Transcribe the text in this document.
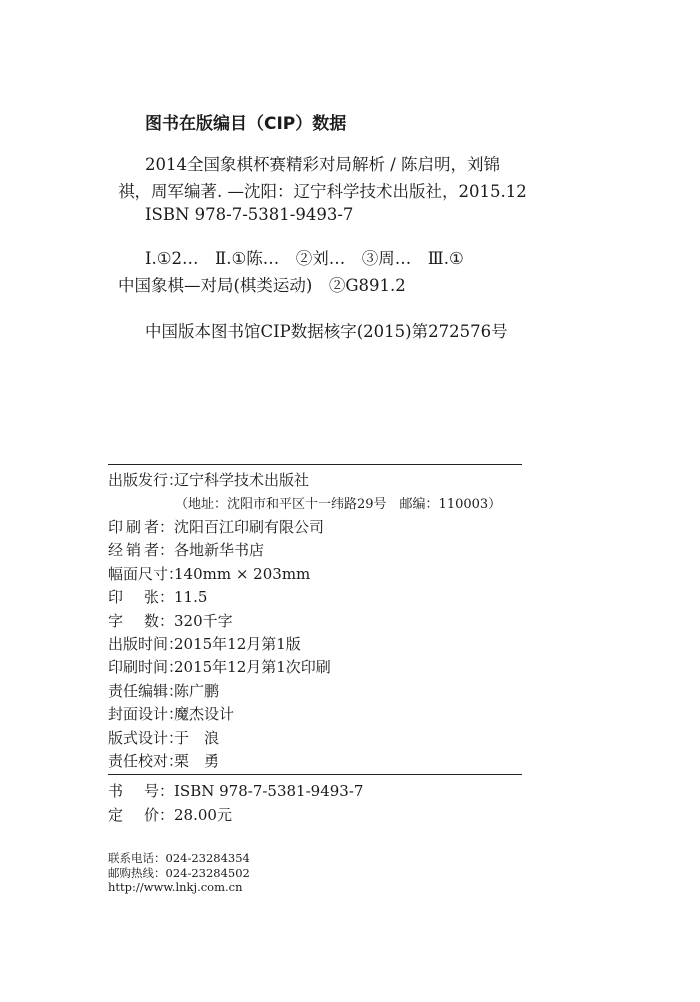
图书在版编目（CIP）数据
2014全国象棋杯赛精彩对局解析 / 陈启明，刘锦
祺，周军编著. —沈阳：辽宁科学技术出版社，2015.12
ISBN 978-7-5381-9493-7
Ⅰ.①2…　Ⅱ.①陈…　②刘…　③周…　Ⅲ.①
中国象棋—对局(棋类运动)　②G891.2
中国版本图书馆CIP数据核字(2015)第272576号
出版发行：
辽宁科学技术出版社
（地址：沈阳市和平区十一纬路29号　邮编：110003）
印 刷 者： 沈阳百江印刷有限公司
经 销 者： 各地新华书店
幅面尺寸：
140mm × 203mm
印 张： 11.5
字 数： 320千字
出版时间：
2015年12月第1版
印刷时间：
2015年12月第1次印刷
责任编辑：
陈广鹏
封面设计：
魔杰设计
版式设计：
于　浪
责任校对：
栗　勇
书 号： ISBN 978-7-5381-9493-7
定 价： 28.00元
联系电话：024-23284354
邮购热线：024-23284502
http://www.lnkj.com.cn
